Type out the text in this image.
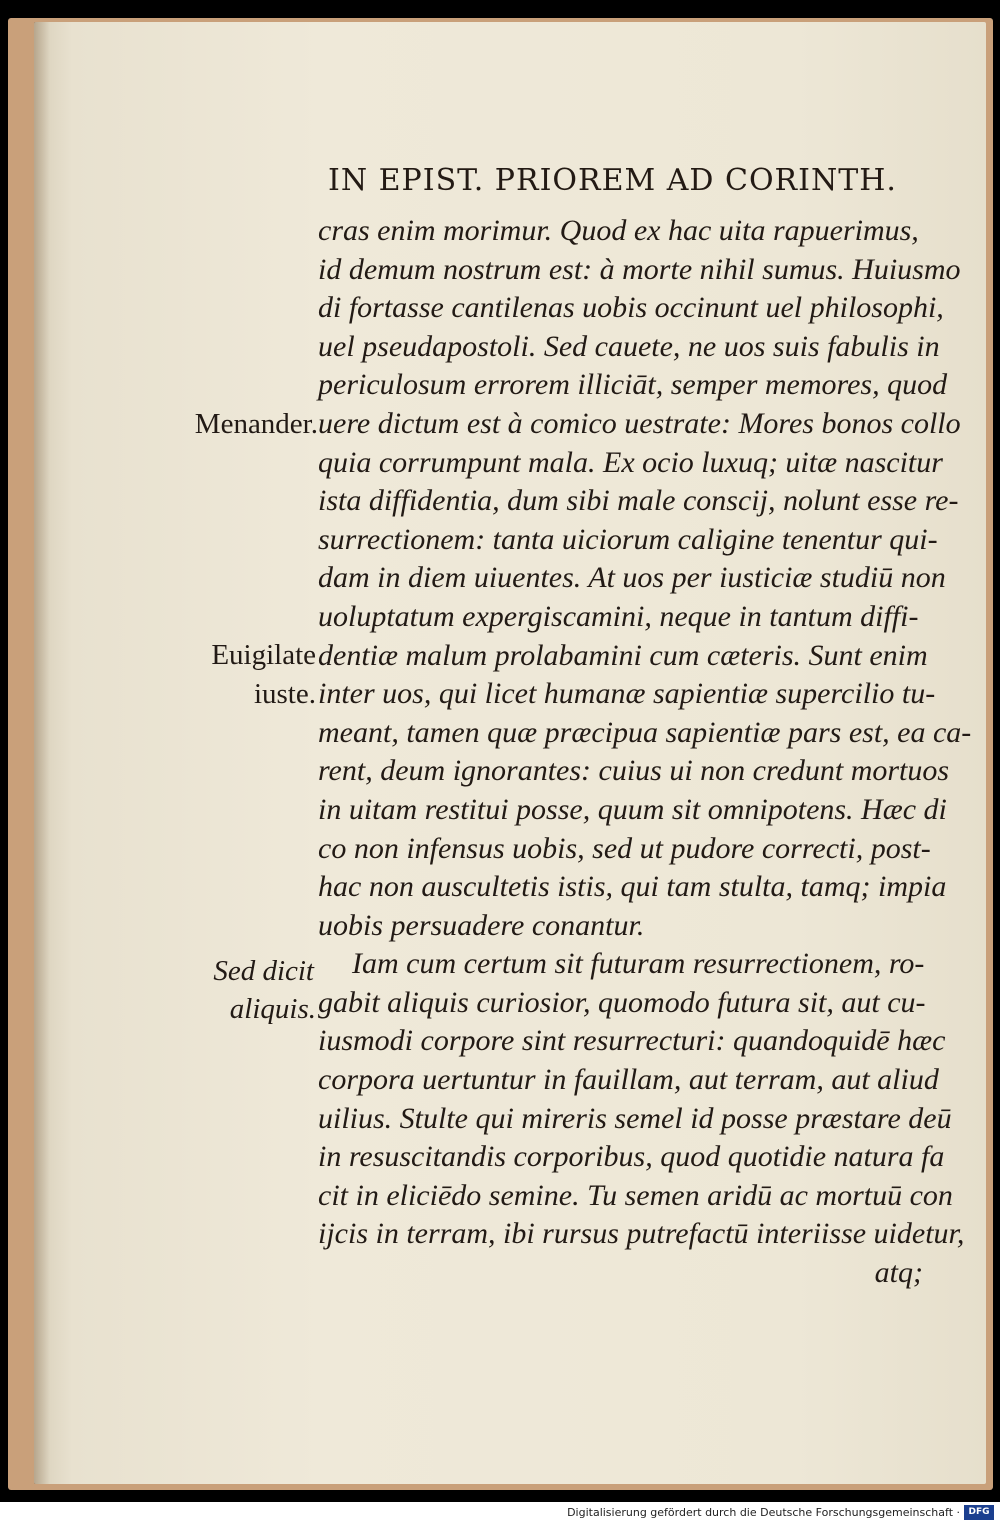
IN EPIST. PRIOREM AD CORINTH.
cras enim morimur. Quod ex hac uita rapuerimus,
id demum nostrum est: à morte nihil sumus. Huiusmo
di fortasse cantilenas uobis occinunt uel philosophi,
uel pseudapostoli. Sed cauete, ne uos suis fabulis in
periculosum errorem illiciāt, semper memores, quod
uere dictum est à comico uestrate: Mores bonos collo
quia corrumpunt mala. Ex ocio luxuq; uitæ nascitur
ista diffidentia, dum sibi male conscij, nolunt esse re-
surrectionem: tanta uiciorum caligine tenentur qui-
dam in diem uiuentes. At uos per iusticiæ studiū non
uoluptatum expergiscamini, neque in tantum diffi-
dentiæ malum prolabamini cum cæteris. Sunt enim
inter uos, qui licet humanæ sapientiæ supercilio tu-
meant, tamen quæ præcipua sapientiæ pars est, ea ca-
rent, deum ignorantes: cuius ui non credunt mortuos
in uitam restitui posse, quum sit omnipotens. Hæc di
co non infensus uobis, sed ut pudore correcti, post-
hac non auscultetis istis, qui tam stulta, tamq; impia
uobis persuadere conantur.
Iam cum certum sit futuram resurrectionem, ro-
gabit aliquis curiosior, quomodo futura sit, aut cu-
iusmodi corpore sint resurrecturi: quandoquidē hæc
corpora uertuntur in fauillam, aut terram, aut aliud
uilius. Stulte qui mireris semel id posse præstare deū
in resuscitandis corporibus, quod quotidie natura fa
cit in eliciēdo semine. Tu semen aridū ac mortuū con
ijcis in terram, ibi rursus putrefactū interiisse uidetur,
atq;
Menander.
Euigilate
iuste.
Sed dicit
aliquis.
Digitalisierung gefördert durch die Deutsche Forschungsgemeinschaft · DFG
